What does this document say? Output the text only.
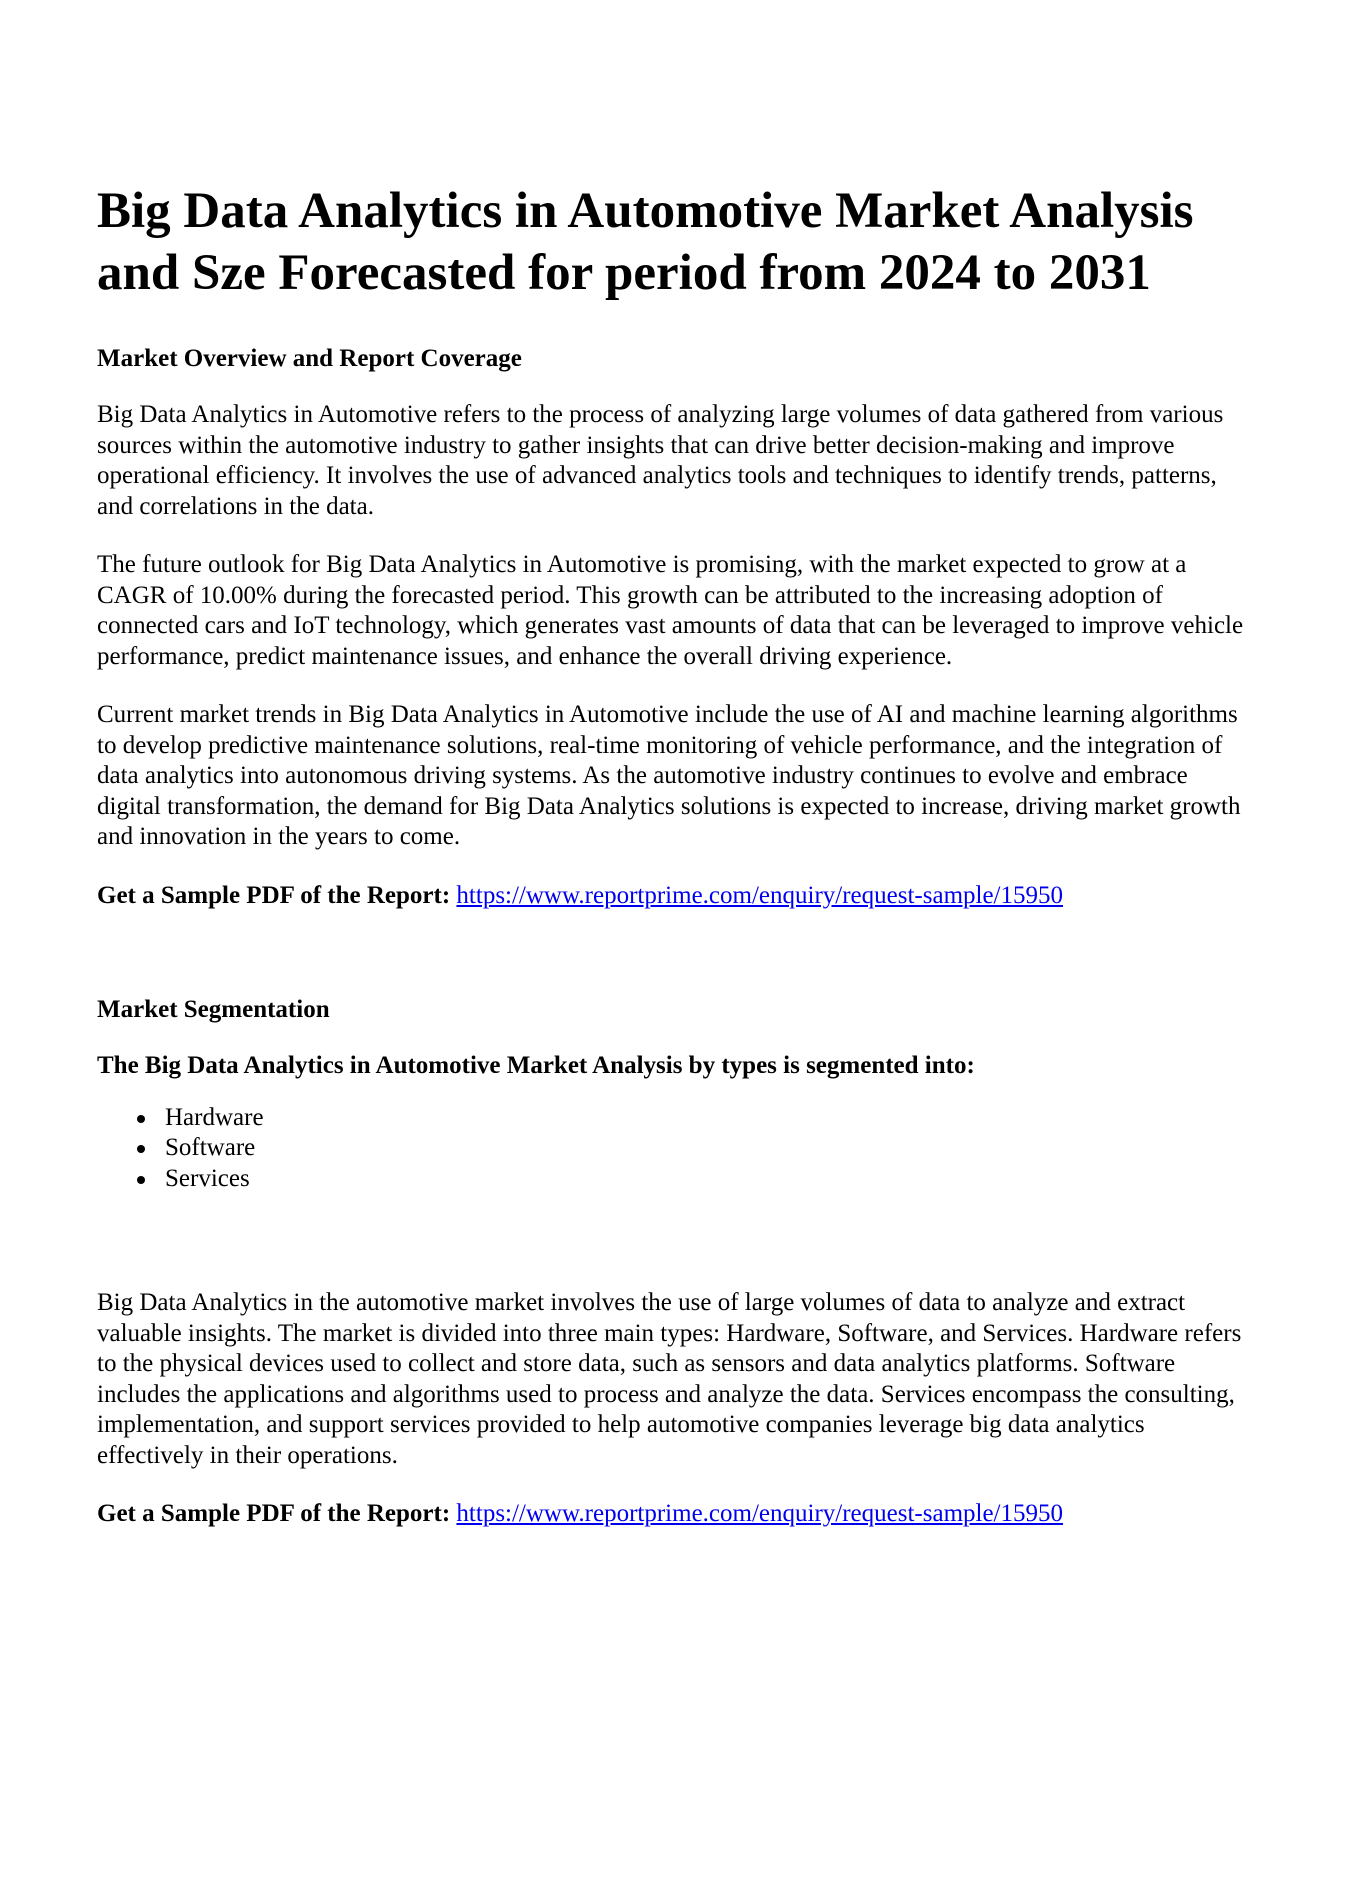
Big Data Analytics in Automotive Market Analysis and Sze Forecasted for period from 2024 to 2031
Market Overview and Report Coverage

Big Data Analytics in Automotive refers to the process of analyzing large volumes of data gathered from various sources within the automotive industry to gather insights that can drive better decision-making and improve operational efficiency. It involves the use of advanced analytics tools and techniques to identify trends, patterns, and correlations in the data.

The future outlook for Big Data Analytics in Automotive is promising, with the market expected to grow at a CAGR of 10.00% during the forecasted period. This growth can be attributed to the increasing adoption of connected cars and IoT technology, which generates vast amounts of data that can be leveraged to improve vehicle performance, predict maintenance issues, and enhance the overall driving experience.

Current market trends in Big Data Analytics in Automotive include the use of AI and machine learning algorithms to develop predictive maintenance solutions, real-time monitoring of vehicle performance, and the integration of data analytics into autonomous driving systems. As the automotive industry continues to evolve and embrace digital transformation, the demand for Big Data Analytics solutions is expected to increase, driving market growth and innovation in the years to come.

Get a Sample PDF of the Report: https://www.reportprime.com/enquiry/request-sample/15950
Market Segmentation
The Big Data Analytics in Automotive Market Analysis by types is segmented into:
Hardware
Software
Services

Big Data Analytics in the automotive market involves the use of large volumes of data to analyze and extract valuable insights. The market is divided into three main types: Hardware, Software, and Services. Hardware refers to the physical devices used to collect and store data, such as sensors and data analytics platforms. Software includes the applications and algorithms used to process and analyze the data. Services encompass the consulting, implementation, and support services provided to help automotive companies leverage big data analytics effectively in their operations.

Get a Sample PDF of the Report: https://www.reportprime.com/enquiry/request-sample/15950
